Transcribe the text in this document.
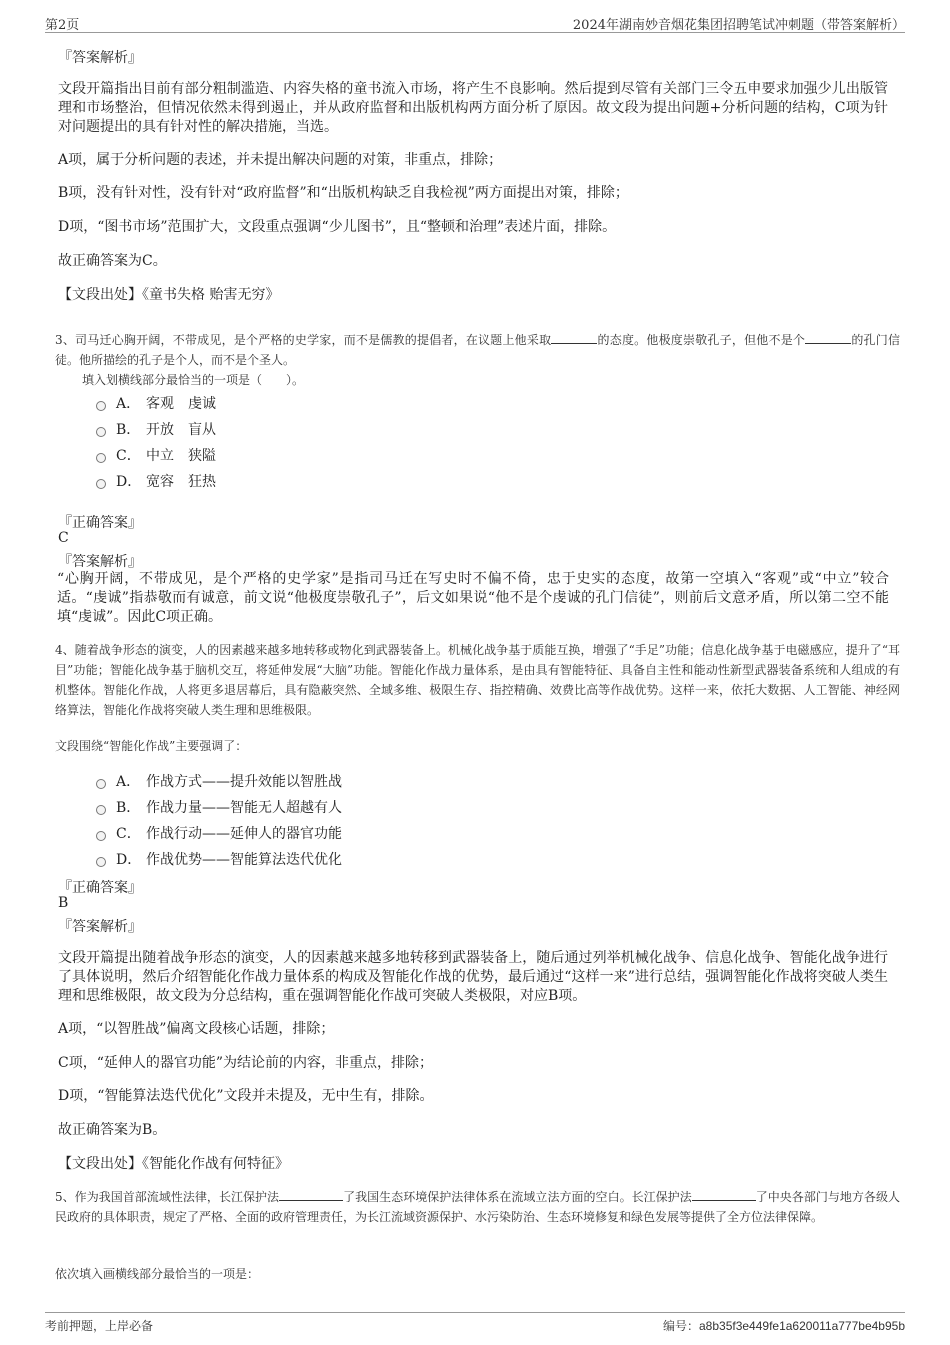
第2页	2024年湖南妙音烟花集团招聘笔试冲刺题（带答案解析）
『答案解析』
文段开篇指出目前有部分粗制滥造、内容失格的童书流入市场，将产生不良影响。然后提到尽管有关部门三令五申要求加强少儿出版管理和市场整治，但情况依然未得到遏止，并从政府监督和出版机构两方面分析了原因。故文段为提出问题+分析问题的结构，C项为针对问题提出的具有针对性的解决措施，当选。
A项，属于分析问题的表述，并未提出解决问题的对策，非重点，排除；
B项，没有针对性，没有针对“政府监督”和“出版机构缺乏自我检视”两方面提出对策，排除；
D项，“图书市场”范围扩大，文段重点强调“少儿图书”，且“整顿和治理”表述片面，排除。
故正确答案为C。
【文段出处】《童书失格 贻害无穷》
3、司马迁心胸开阔，不带成见，是个严格的史学家，而不是儒教的提倡者，在议题上他采取	的态度。他极度崇敬孔子，但他不是个	的孔门信徒。他所描绘的孔子是个人，而不是个圣人。
填入划横线部分最恰当的一项是（　　）。
A． 客观　虔诚
B． 开放　盲从
C． 中立　狭隘
D． 宽容　狂热
『正确答案』
C
『答案解析』
“心胸开阔，不带成见，是个严格的史学家”是指司马迁在写史时不偏不倚，忠于史实的态度，故第一空填入“客观”或“中立”较合适。“虔诚”指恭敬而有诚意，前文说“他极度崇敬孔子”，后文如果说“他不是个虔诚的孔门信徒”，则前后文意矛盾，所以第二空不能填“虔诚”。因此C项正确。
4、随着战争形态的演变，人的因素越来越多地转移或物化到武器装备上。机械化战争基于质能互换，增强了“手足”功能；信息化战争基于电磁感应，提升了“耳目”功能；智能化战争基于脑机交互，将延伸发展“大脑”功能。智能化作战力量体系，是由具有智能特征、具备自主性和能动性新型武器装备系统和人组成的有机整体。智能化作战，人将更多退居幕后，具有隐蔽突然、全域多维、极限生存、指控精确、效费比高等作战优势。这样一来，依托大数据、人工智能、神经网络算法，智能化作战将突破人类生理和思维极限。
文段围绕“智能化作战”主要强调了：
A． 作战方式——提升效能以智胜战
B． 作战力量——智能无人超越有人
C． 作战行动——延伸人的器官功能
D． 作战优势——智能算法迭代优化
『正确答案』
B
『答案解析』
文段开篇提出随着战争形态的演变，人的因素越来越多地转移到武器装备上，随后通过列举机械化战争、信息化战争、智能化战争进行了具体说明，然后介绍智能化作战力量体系的构成及智能化作战的优势，最后通过“这样一来”进行总结，强调智能化作战将突破人类生理和思维极限，故文段为分总结构，重在强调智能化作战可突破人类极限，对应B项。
A项，“以智胜战”偏离文段核心话题，排除；
C项，“延伸人的器官功能”为结论前的内容，非重点，排除；
D项，“智能算法迭代优化”文段并未提及，无中生有，排除。
故正确答案为B。
【文段出处】《智能化作战有何特征》
5、作为我国首部流域性法律，长江保护法	了我国生态环境保护法律体系在流域立法方面的空白。长江保护法	了中央各部门与地方各级人民政府的具体职责，规定了严格、全面的政府管理责任，为长江流域资源保护、水污染防治、生态环境修复和绿色发展等提供了全方位法律保障。
依次填入画横线部分最恰当的一项是：
考前押题，上岸必备	编号：a8b35f3e449fe1a620011a777be4b95b
